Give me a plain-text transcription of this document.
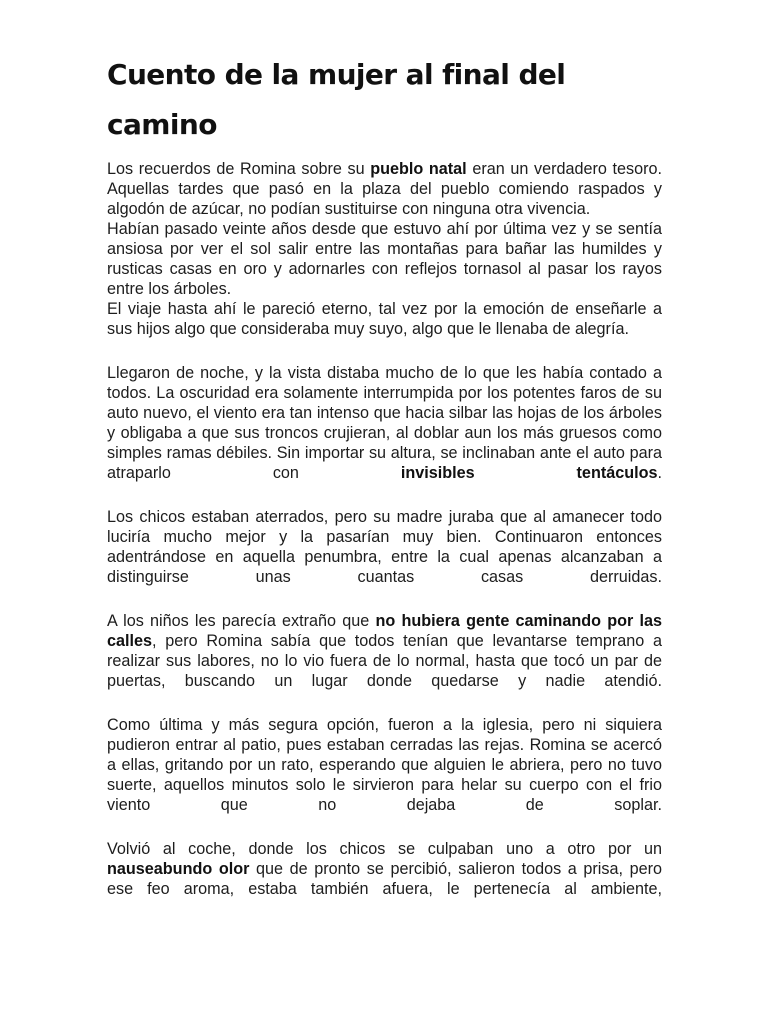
Cuento de la mujer al final del camino

Los recuerdos de Romina sobre su pueblo natal eran un verdadero tesoro. Aquellas tardes que pasó en la plaza del pueblo comiendo raspados y algodón de azúcar, no podían sustituirse con ninguna otra vivencia.

Habían pasado veinte años desde que estuvo ahí por última vez y se sentía ansiosa por ver el sol salir entre las montañas para bañar las humildes y rusticas casas en oro y adornarles con reflejos tornasol al pasar los rayos entre los árboles.

El viaje hasta ahí le pareció eterno, tal vez por la emoción de enseñarle a sus hijos algo que consideraba muy suyo, algo que le llenaba de alegría.

Llegaron de noche, y la vista distaba mucho de lo que les había contado a todos. La oscuridad era solamente interrumpida por los potentes faros de su auto nuevo, el viento era tan intenso que hacia silbar las hojas de los árboles y obligaba a que sus troncos crujieran, al doblar aun los más gruesos como simples ramas débiles. Sin importar su altura, se inclinaban ante el auto para atraparlo con invisibles tentáculos.

Los chicos estaban aterrados, pero su madre juraba que al amanecer todo luciría mucho mejor y la pasarían muy bien. Continuaron entonces adentrándose en aquella penumbra, entre la cual apenas alcanzaban a distinguirse unas cuantas casas derruidas.

A los niños les parecía extraño que no hubiera gente caminando por las calles, pero Romina sabía que todos tenían que levantarse temprano a realizar sus labores, no lo vio fuera de lo normal, hasta que tocó un par de puertas, buscando un lugar donde quedarse y nadie atendió.

Como última y más segura opción, fueron a la iglesia, pero ni siquiera pudieron entrar al patio, pues estaban cerradas las rejas. Romina se acercó a ellas, gritando por un rato, esperando que alguien le abriera, pero no tuvo suerte, aquellos minutos solo le sirvieron para helar su cuerpo con el frio viento que no dejaba de soplar.

Volvió al coche, donde los chicos se culpaban uno a otro por un nauseabundo olor que de pronto se percibió, salieron todos a prisa, pero ese feo aroma, estaba también afuera, le pertenecía al ambiente,
